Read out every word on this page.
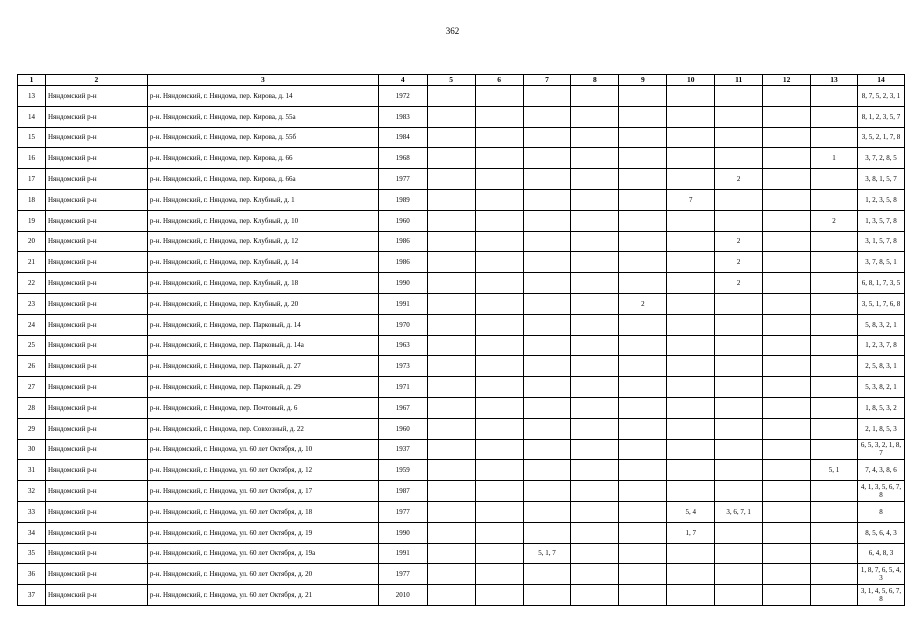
362
1	2	3	4	5	6	7	8	9	10	11	12	13	14
13	Няндомский р-н	р-н. Няндомский, г. Няндома, пер. Кирова, д. 14	1972										8, 7, 5, 2, 3, 1
14	Няндомский р-н	р-н. Няндомский, г. Няндома, пер. Кирова, д. 55а	1983										8, 1, 2, 3, 5, 7
15	Няндомский р-н	р-н. Няндомский, г. Няндома, пер. Кирова, д. 55б	1984										3, 5, 2, 1, 7, 8
16	Няндомский р-н	р-н. Няндомский, г. Няндома, пер. Кирова, д. 66	1968									1	3, 7, 2, 8, 5
17	Няндомский р-н	р-н. Няндомский, г. Няндома, пер. Кирова, д. 66а	1977							2			3, 8, 1, 5, 7
18	Няндомский р-н	р-н. Няндомский, г. Няндома, пер. Клубный, д. 1	1989						7				1, 2, 3, 5, 8
19	Няндомский р-н	р-н. Няндомский, г. Няндома, пер. Клубный, д. 10	1960									2	1, 3, 5, 7, 8
20	Няндомский р-н	р-н. Няндомский, г. Няндома, пер. Клубный, д. 12	1986							2			3, 1, 5, 7, 8
21	Няндомский р-н	р-н. Няндомский, г. Няндома, пер. Клубный, д. 14	1986							2			3, 7, 8, 5, 1
22	Няндомский р-н	р-н. Няндомский, г. Няндома, пер. Клубный, д. 18	1990							2			6, 8, 1, 7, 3, 5
23	Няндомский р-н	р-н. Няндомский, г. Няндома, пер. Клубный, д. 20	1991					2					3, 5, 1, 7, 6, 8
24	Няндомский р-н	р-н. Няндомский, г. Няндома, пер. Парковый, д. 14	1970										5, 8, 3, 2, 1
25	Няндомский р-н	р-н. Няндомский, г. Няндома, пер. Парковый, д. 14а	1963										1, 2, 3, 7, 8
26	Няндомский р-н	р-н. Няндомский, г. Няндома, пер. Парковый, д. 27	1973										2, 5, 8, 3, 1
27	Няндомский р-н	р-н. Няндомский, г. Няндома, пер. Парковый, д. 29	1971										5, 3, 8, 2, 1
28	Няндомский р-н	р-н. Няндомский, г. Няндома, пер. Почтовый, д. 6	1967										1, 8, 5, 3, 2
29	Няндомский р-н	р-н. Няндомский, г. Няндома, пер. Совхозный, д. 22	1960										2, 1, 8, 5, 3
30	Няндомский р-н	р-н. Няндомский, г. Няндома, ул. 60 лет Октября, д. 10	1937										6, 5, 3, 2, 1, 8, 7
31	Няндомский р-н	р-н. Няндомский, г. Няндома, ул. 60 лет Октября, д. 12	1959									5, 1	7, 4, 3, 8, 6
32	Няндомский р-н	р-н. Няндомский, г. Няндома, ул. 60 лет Октября, д. 17	1987										4, 1, 3, 5, 6, 7, 8
33	Няндомский р-н	р-н. Няндомский, г. Няндома, ул. 60 лет Октября, д. 18	1977						5, 4	3, 6, 7, 1			8
34	Няндомский р-н	р-н. Няндомский, г. Няндома, ул. 60 лет Октября, д. 19	1990						1, 7				8, 5, 6, 4, 3
35	Няндомский р-н	р-н. Няндомский, г. Няндома, ул. 60 лет Октября, д. 19а	1991			5, 1, 7							6, 4, 8, 3
36	Няндомский р-н	р-н. Няндомский, г. Няндома, ул. 60 лет Октября, д. 20	1977										1, 8, 7, 6, 5, 4, 3
37	Няндомский р-н	р-н. Няндомский, г. Няндома, ул. 60 лет Октября, д. 21	2010										3, 1, 4, 5, 6, 7, 8
